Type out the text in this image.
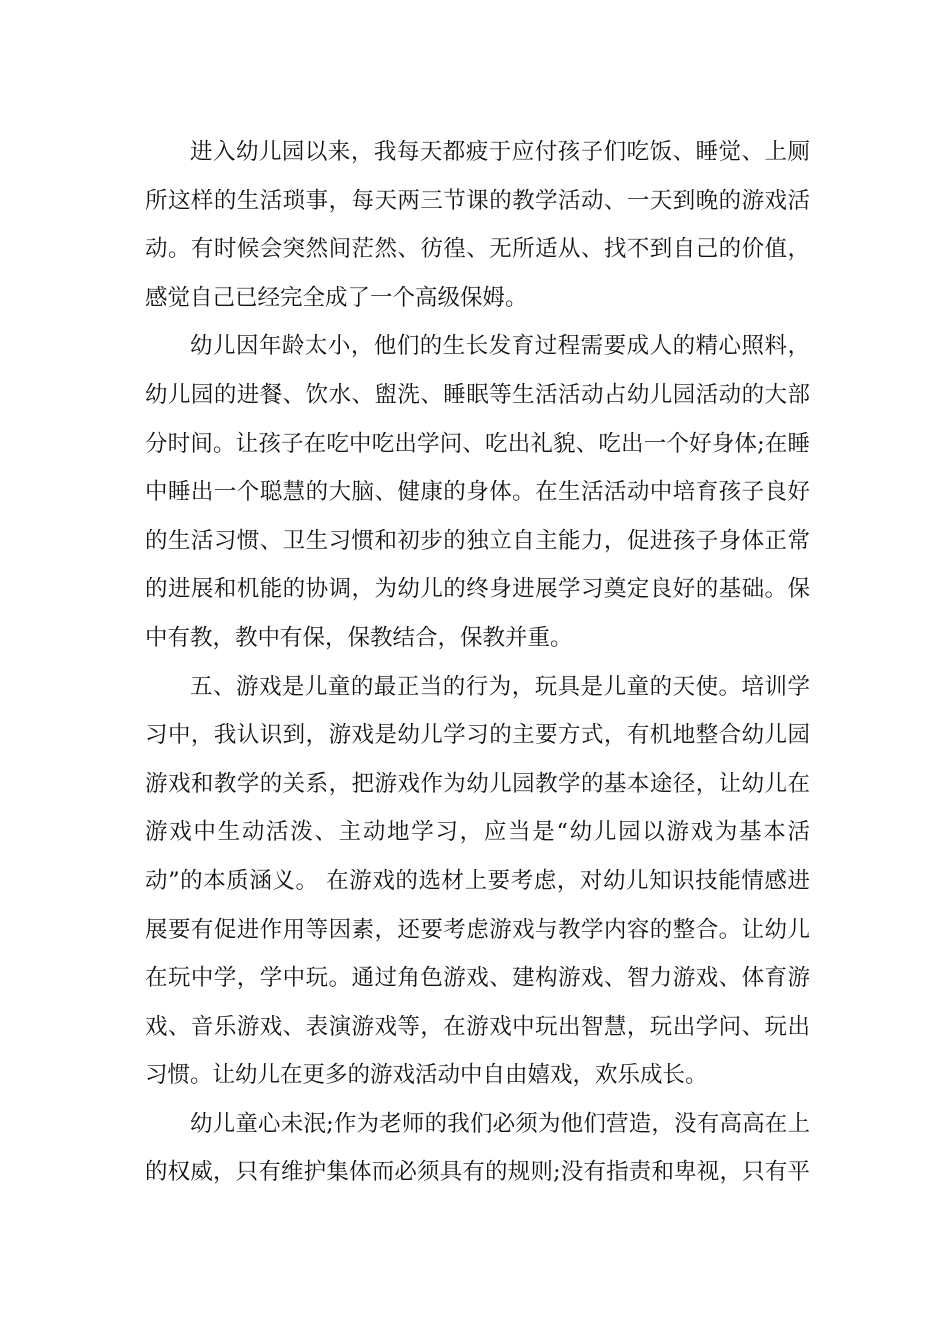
进入幼儿园以来，我每天都疲于应付孩子们吃饭、睡觉、上厕
所这样的生活琐事，每天两三节课的教学活动、一天到晚的游戏活
动。有时候会突然间茫然、彷徨、无所适从、找不到自己的价值，
感觉自己已经完全成了一个高级保姆。

幼儿因年龄太小，他们的生长发育过程需要成人的精心照料，
幼儿园的进餐、饮水、盥洗、睡眠等生活活动占幼儿园活动的大部
分时间。让孩子在吃中吃出学问、吃出礼貌、吃出一个好身体;在睡
中睡出一个聪慧的大脑、健康的身体。在生活活动中培育孩子良好
的生活习惯、卫生习惯和初步的独立自主能力，促进孩子身体正常
的进展和机能的协调，为幼儿的终身进展学习奠定良好的基础。保
中有教，教中有保，保教结合，保教并重。

五、游戏是儿童的最正当的行为，玩具是儿童的天使。培训学
习中，我认识到，游戏是幼儿学习的主要方式，有机地整合幼儿园
游戏和教学的关系，把游戏作为幼儿园教学的基本途径，让幼儿在
游戏中生动活泼、主动地学习，应当是“幼儿园以游戏为基本活
动”的本质涵义。 在游戏的选材上要考虑，对幼儿知识技能情感进
展要有促进作用等因素，还要考虑游戏与教学内容的整合。让幼儿
在玩中学，学中玩。通过角色游戏、建构游戏、智力游戏、体育游
戏、音乐游戏、表演游戏等，在游戏中玩出智慧，玩出学问、玩出
习惯。让幼儿在更多的游戏活动中自由嬉戏，欢乐成长。

幼儿童心未泯;作为老师的我们必须为他们营造，没有高高在上
的权威，只有维护集体而必须具有的规则;没有指责和卑视，只有平
